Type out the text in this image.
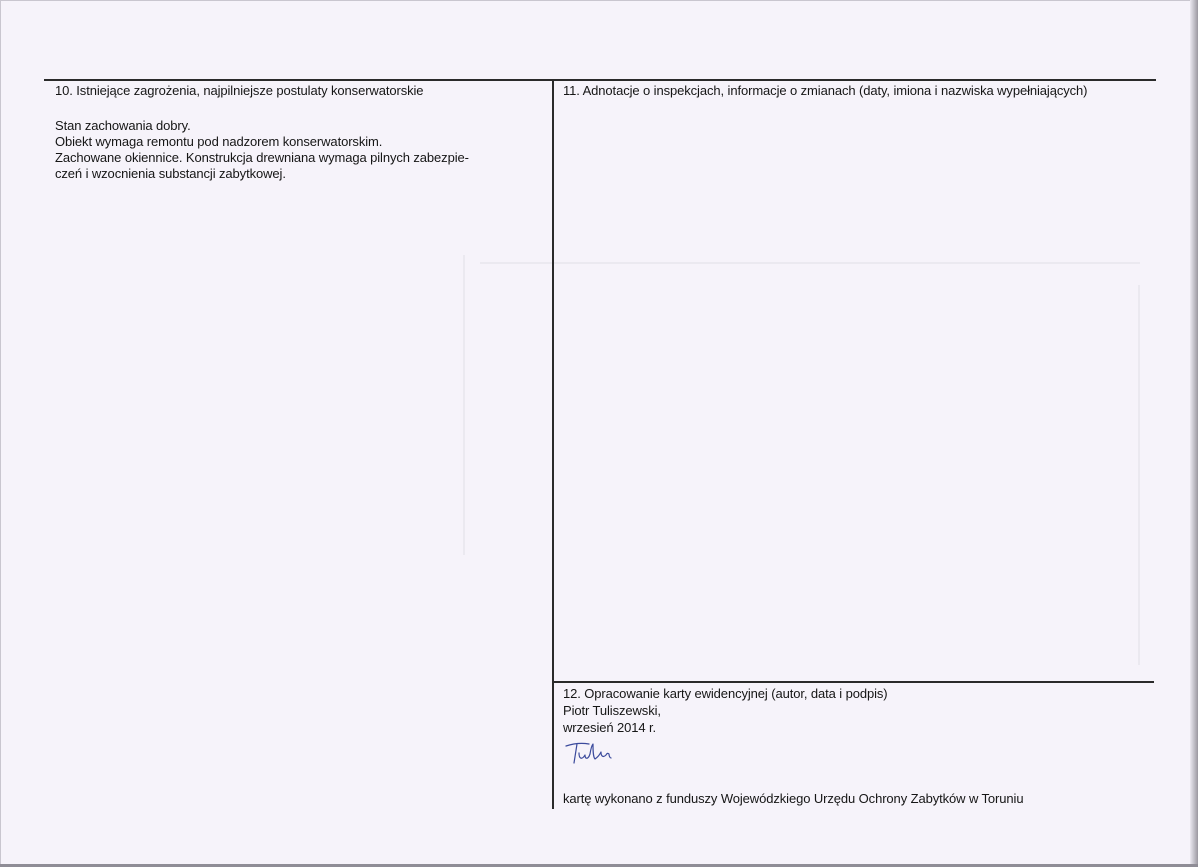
10. Istniejące zagrożenia, najpilniejsze postulaty konserwatorskie
Stan zachowania dobry.
Obiekt wymaga remontu pod nadzorem konserwatorskim.
Zachowane okiennice. Konstrukcja drewniana wymaga pilnych zabezpie-
czeń i wzocnienia substancji zabytkowej.
11. Adnotacje o inspekcjach, informacje o zmianach (daty, imiona i nazwiska wypełniających)
12. Opracowanie karty ewidencyjnej (autor, data i podpis)
Piotr Tuliszewski,
wrzesień 2014 r.
kartę wykonano z funduszy Wojewódzkiego Urzędu Ochrony Zabytków w Toruniu
